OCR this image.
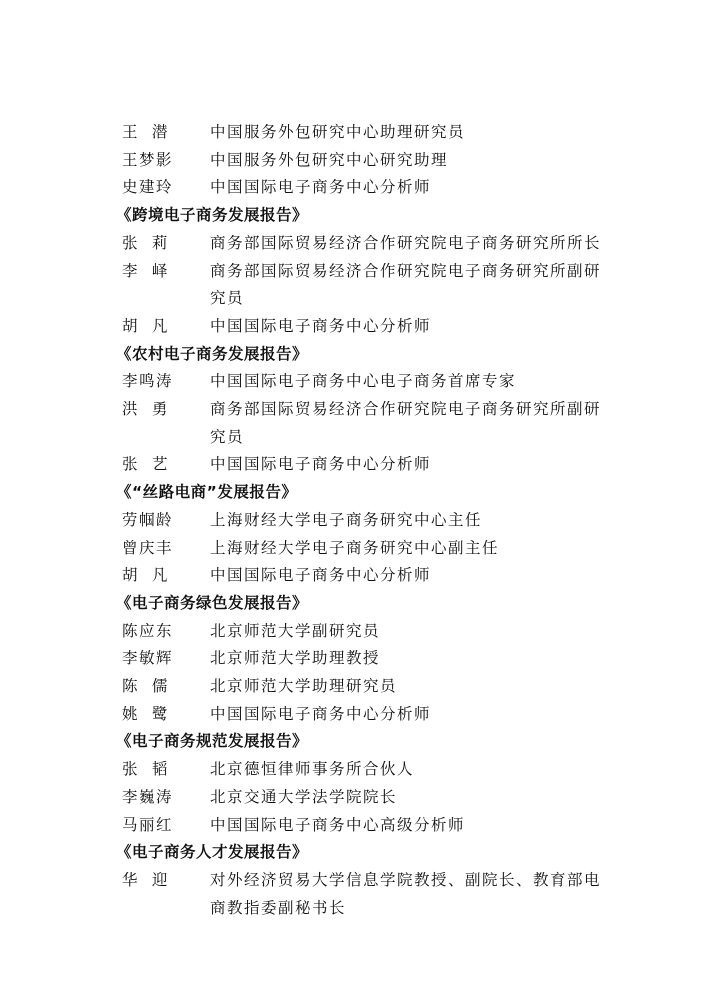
王  潜	中国服务外包研究中心助理研究员
王梦影	中国服务外包研究中心研究助理
史建玲	中国国际电子商务中心分析师
《跨境电子商务发展报告》
张  莉	商务部国际贸易经济合作研究院电子商务研究所所长
李  峄	商务部国际贸易经济合作研究院电子商务研究所副研究员
胡  凡	中国国际电子商务中心分析师
《农村电子商务发展报告》
李鸣涛	中国国际电子商务中心电子商务首席专家
洪  勇	商务部国际贸易经济合作研究院电子商务研究所副研究员
张  艺	中国国际电子商务中心分析师
《“丝路电商”发展报告》
劳帼龄	上海财经大学电子商务研究中心主任
曾庆丰	上海财经大学电子商务研究中心副主任
胡  凡	中国国际电子商务中心分析师
《电子商务绿色发展报告》
陈应东	北京师范大学副研究员
李敏辉	北京师范大学助理教授
陈  儒	北京师范大学助理研究员
姚  鹭	中国国际电子商务中心分析师
《电子商务规范发展报告》
张  韬	北京德恒律师事务所合伙人
李巍涛	北京交通大学法学院院长
马丽红	中国国际电子商务中心高级分析师
《电子商务人才发展报告》
华  迎	对外经济贸易大学信息学院教授、副院长、教育部电商教指委副秘书长
